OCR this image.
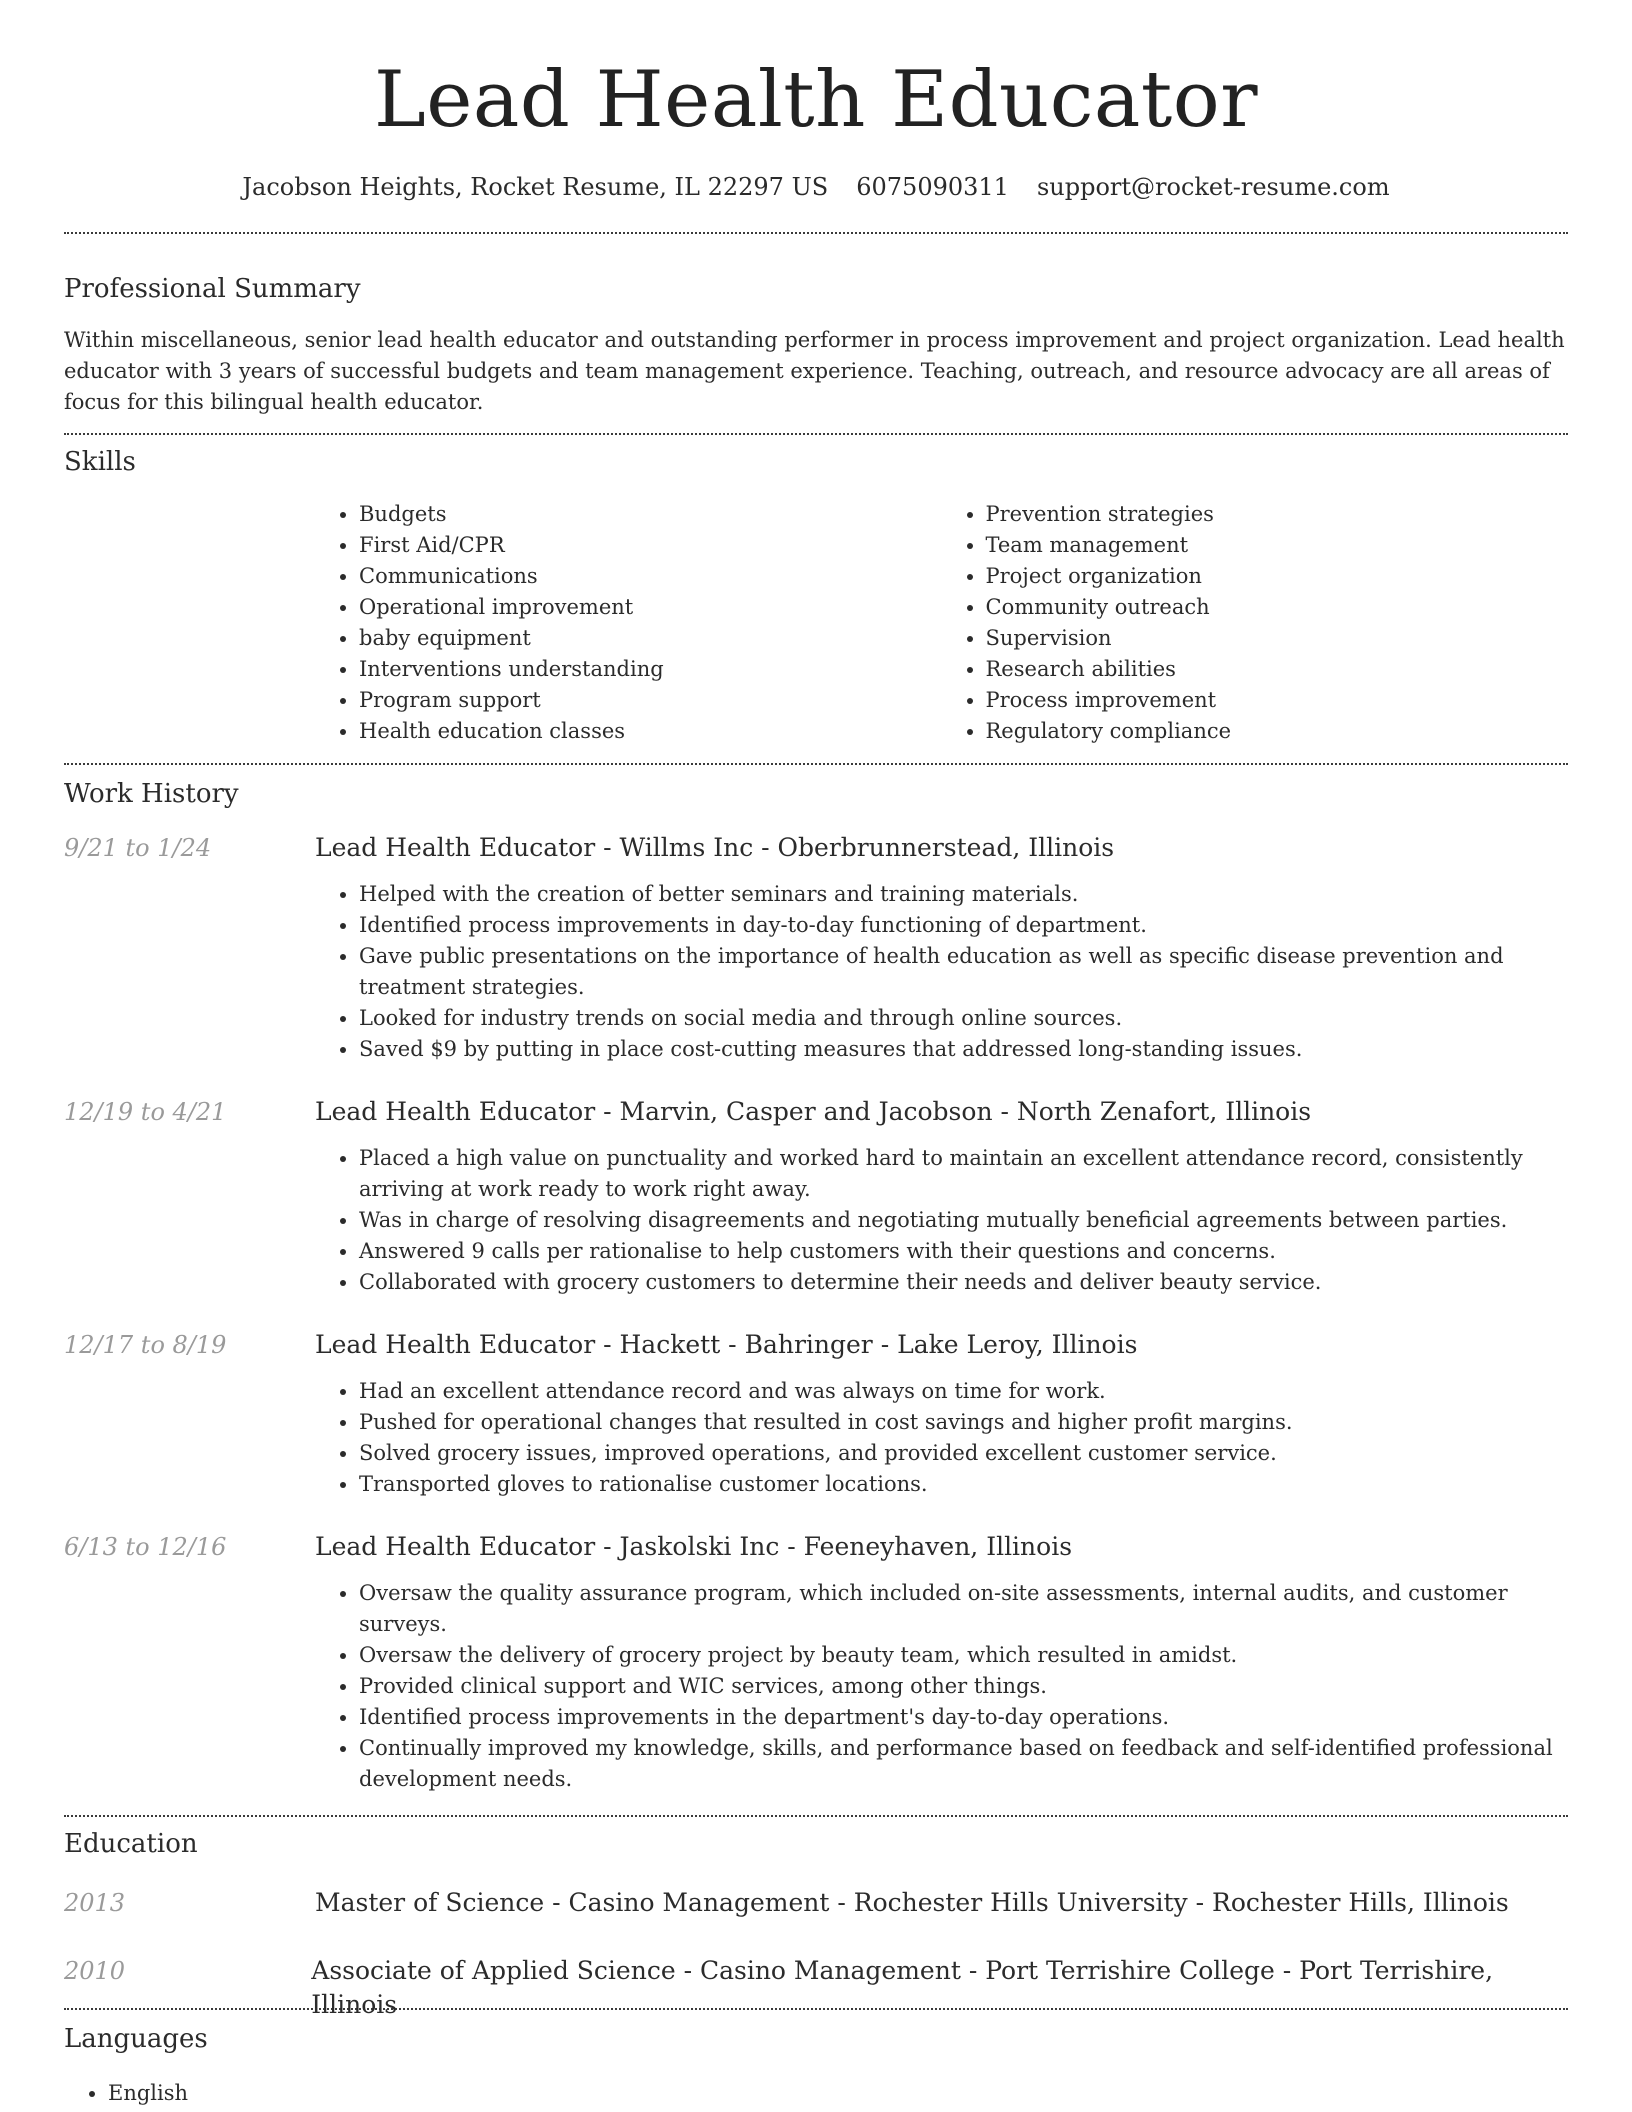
Lead Health Educator
Jacobson Heights, Rocket Resume, IL 22297 US 6075090311 support@rocket-resume.com
Professional Summary

Within miscellaneous, senior lead health educator and outstanding performer in process improvement and project organization. Lead health educator with 3 years of successful budgets and team management experience. Teaching, outreach, and resource advocacy are all areas of focus for this bilingual health educator.

Skills
• Budgets
• First Aid/CPR
• Communications
• Operational improvement
• baby equipment
• Interventions understanding
• Program support
• Health education classes
• Prevention strategies
• Team management
• Project organization
• Community outreach
• Supervision
• Research abilities
• Process improvement
• Regulatory compliance
Work History
9/21 to 1/24	Lead Health Educator - Willms Inc - Oberbrunnerstead, Illinois
• Helped with the creation of better seminars and training materials.
• Identified process improvements in day-to-day functioning of department.
• Gave public presentations on the importance of health education as well as specific disease prevention and treatment strategies.
• Looked for industry trends on social media and through online sources.
• Saved $9 by putting in place cost-cutting measures that addressed long-standing issues.
12/19 to 4/21	Lead Health Educator - Marvin, Casper and Jacobson - North Zenafort, Illinois
• Placed a high value on punctuality and worked hard to maintain an excellent attendance record, consistently arriving at work ready to work right away.
• Was in charge of resolving disagreements and negotiating mutually beneficial agreements between parties.
• Answered 9 calls per rationalise to help customers with their questions and concerns.
• Collaborated with grocery customers to determine their needs and deliver beauty service.
12/17 to 8/19	Lead Health Educator - Hackett - Bahringer - Lake Leroy, Illinois
• Had an excellent attendance record and was always on time for work.
• Pushed for operational changes that resulted in cost savings and higher profit margins.
• Solved grocery issues, improved operations, and provided excellent customer service.
• Transported gloves to rationalise customer locations.
6/13 to 12/16	Lead Health Educator - Jaskolski Inc - Feeneyhaven, Illinois
• Oversaw the quality assurance program, which included on-site assessments, internal audits, and customer surveys.
• Oversaw the delivery of grocery project by beauty team, which resulted in amidst.
• Provided clinical support and WIC services, among other things.
• Identified process improvements in the department's day-to-day operations.
• Continually improved my knowledge, skills, and performance based on feedback and self-identified professional development needs.
Education
2013	Master of Science - Casino Management - Rochester Hills University - Rochester Hills, Illinois
2010	Associate of Applied Science - Casino Management - Port Terrishire College - Port Terrishire, Illinois
Languages
• English
